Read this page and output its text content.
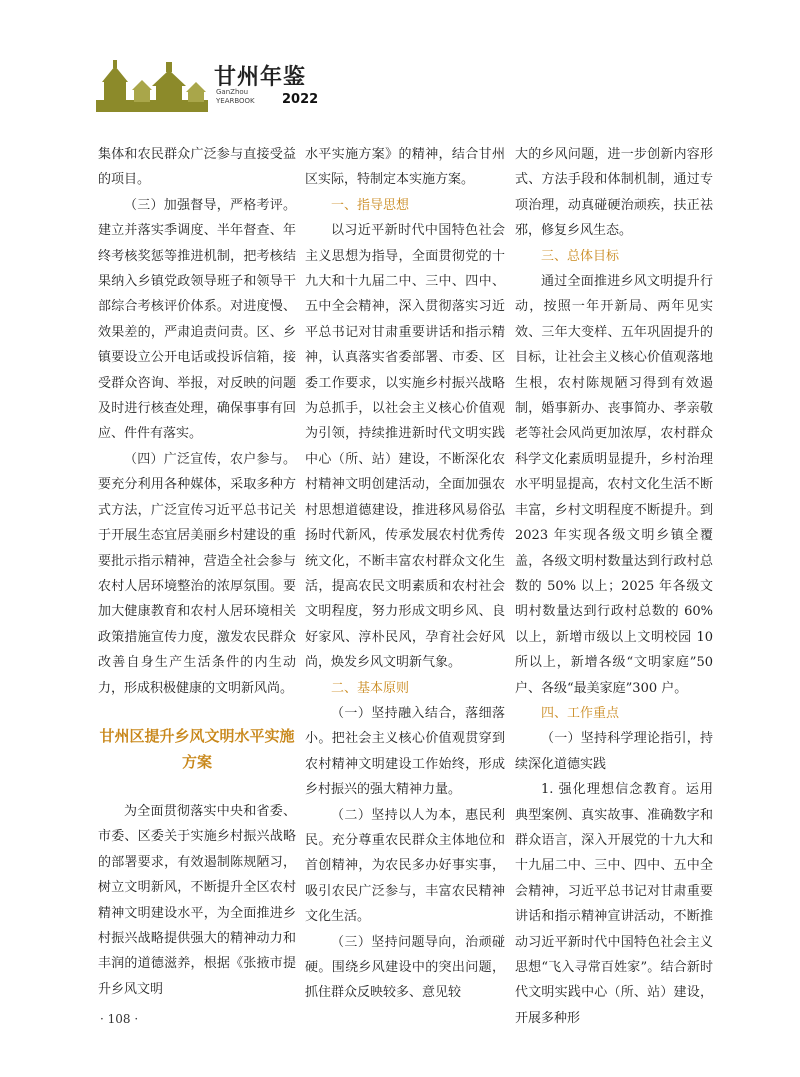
甘州年鉴
GanZhou
YEARBOOK 2022

集体和农民群众广泛参与直接受益的项目。

（三）加强督导，严格考评。建立并落实季调度、半年督查、年终考核奖惩等推进机制，把考核结果纳入乡镇党政领导班子和领导干部综合考核评价体系。对进度慢、效果差的，严肃追责问责。区、乡镇要设立公开电话或投诉信箱，接受群众咨询、举报，对反映的问题及时进行核查处理，确保事事有回应、件件有落实。

（四）广泛宣传，农户参与。要充分利用各种媒体，采取多种方式方法，广泛宣传习近平总书记关于开展生态宜居美丽乡村建设的重要批示指示精神，营造全社会参与农村人居环境整治的浓厚氛围。要加大健康教育和农村人居环境相关政策措施宣传力度，激发农民群众改善自身生产生活条件的内生动力，形成积极健康的文明新风尚。

甘州区提升乡风文明水平实施方案

为全面贯彻落实中央和省委、市委、区委关于实施乡村振兴战略的部署要求，有效遏制陈规陋习，树立文明新风，不断提升全区农村精神文明建设水平，为全面推进乡村振兴战略提供强大的精神动力和丰润的道德滋养，根据《张掖市提升乡风文明

水平实施方案》的精神，结合甘州区实际，特制定本实施方案。

一、指导思想

以习近平新时代中国特色社会主义思想为指导，全面贯彻党的十九大和十九届二中、三中、四中、五中全会精神，深入贯彻落实习近平总书记对甘肃重要讲话和指示精神，认真落实省委部署、市委、区委工作要求，以实施乡村振兴战略为总抓手，以社会主义核心价值观为引领，持续推进新时代文明实践中心（所、站）建设，不断深化农村精神文明创建活动，全面加强农村思想道德建设，推进移风易俗弘扬时代新风，传承发展农村优秀传统文化，不断丰富农村群众文化生活，提高农民文明素质和农村社会文明程度，努力形成文明乡风、良好家风、淳朴民风，孕育社会好风尚，焕发乡风文明新气象。

二、基本原则

（一）坚持融入结合，落细落小。把社会主义核心价值观贯穿到农村精神文明建设工作始终，形成乡村振兴的强大精神力量。

（二）坚持以人为本，惠民利民。充分尊重农民群众主体地位和首创精神，为农民多办好事实事，吸引农民广泛参与，丰富农民精神文化生活。

（三）坚持问题导向，治顽碰硬。围绕乡风建设中的突出问题，抓住群众反映较多、意见较

大的乡风问题，进一步创新内容形式、方法手段和体制机制，通过专项治理，动真碰硬治顽疾，扶正祛邪，修复乡风生态。

三、总体目标

通过全面推进乡风文明提升行动，按照一年开新局、两年见实效、三年大变样、五年巩固提升的目标，让社会主义核心价值观落地生根，农村陈规陋习得到有效遏制，婚事新办、丧事简办、孝亲敬老等社会风尚更加浓厚，农村群众科学文化素质明显提升，乡村治理水平明显提高，农村文化生活不断丰富，乡村文明程度不断提升。到 2023 年实现各级文明乡镇全覆盖，各级文明村数量达到行政村总数的 50% 以上；2025 年各级文明村数量达到行政村总数的 60% 以上，新增市级以上文明校园 10 所以上，新增各级“文明家庭”50 户、各级“最美家庭”300 户。

四、工作重点

（一）坚持科学理论指引，持续深化道德实践

1. 强化理想信念教育。运用典型案例、真实故事、准确数字和群众语言，深入开展党的十九大和十九届二中、三中、四中、五中全会精神，习近平总书记对甘肃重要讲话和指示精神宣讲活动，不断推动习近平新时代中国特色社会主义思想“飞入寻常百姓家”。结合新时代文明实践中心（所、站）建设，开展多种形

· 108 ·
